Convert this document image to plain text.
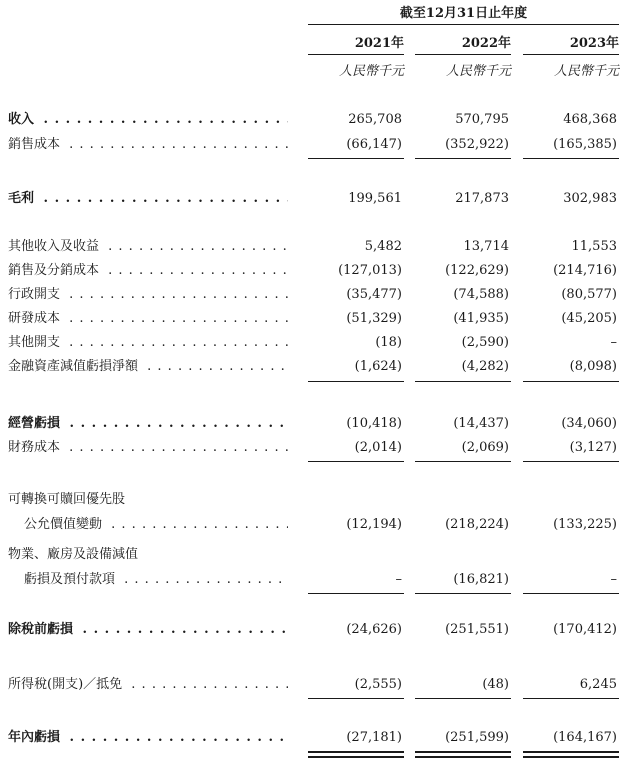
截至12月31日止年度
2021年	2022年	2023年
人民幣千元	人民幣千元	人民幣千元
收入 . . .	265,708	570,795	468,368
銷售成本 . . .	(66,147)	(352,922)	(165,385)
毛利 . . .	199,561	217,873	302,983
其他收入及收益 . . .	5,482	13,714	11,553
銷售及分銷成本 . . .	(127,013)	(122,629)	(214,716)
行政開支 . . .	(35,477)	(74,588)	(80,577)
研發成本 . . .	(51,329)	(41,935)	(45,205)
其他開支 . . .	(18)	(2,590)	–
金融資產減值虧損淨額 . . .	(1,624)	(4,282)	(8,098)
經營虧損 . . .	(10,418)	(14,437)	(34,060)
財務成本 . . .	(2,014)	(2,069)	(3,127)
可轉換可贖回優先股
公允價值變動 . . .	(12,194)	(218,224)	(133,225)
物業、廠房及設備減值
虧損及預付款項 . . .	–	(16,821)	–
除稅前虧損 . . .	(24,626)	(251,551)	(170,412)
所得稅(開支)／抵免 . . .	(2,555)	(48)	6,245
年內虧損 . . .	(27,181)	(251,599)	(164,167)
